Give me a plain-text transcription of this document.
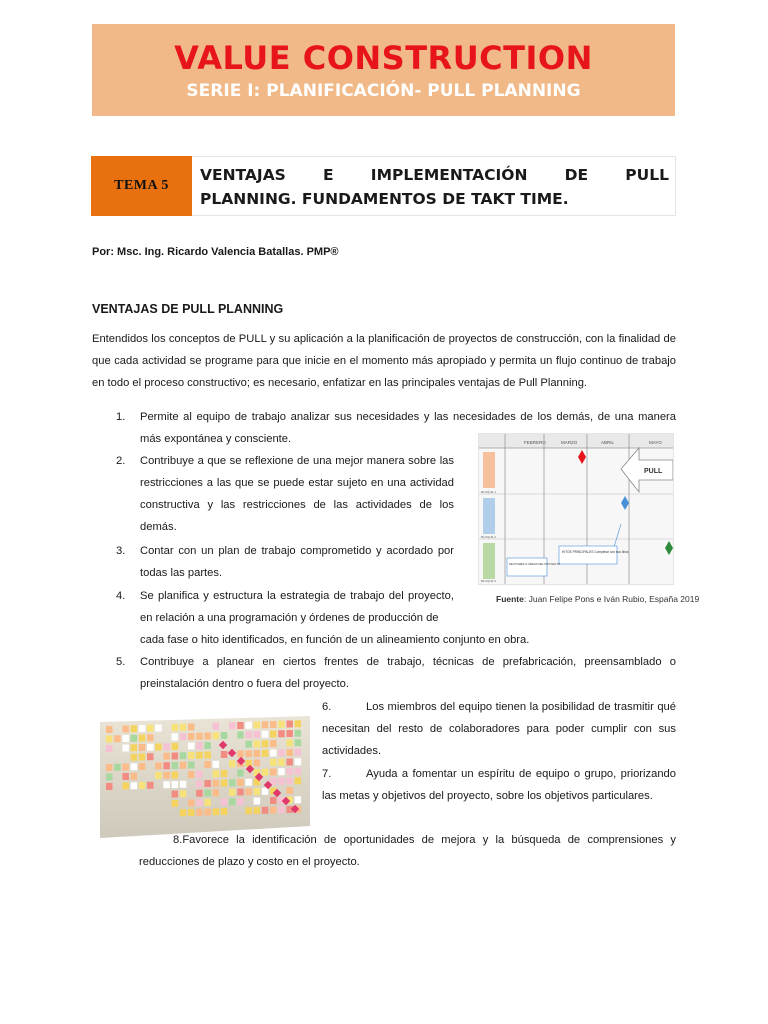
VALUE CONSTRUCTION
SERIE I: PLANIFICACIÓN- PULL PLANNING
TEMA 5
VENTAJAS E IMPLEMENTACIÓN DE PULL
PLANNING. FUNDAMENTOS DE TAKT TIME.
Por: Msc. Ing. Ricardo Valencia Batallas. PMP®
VENTAJAS DE PULL PLANNING
Entendidos los conceptos de PULL y su aplicación a la planificación de proyectos de construcción, con la finalidad de que cada actividad se programe para que inicie en el momento más apropiado y permita un flujo continuo de trabajo en todo el proceso constructivo; es necesario, enfatizar en las principales ventajas de Pull Planning.
1. Permite al equipo de trabajo analizar sus necesidades y las necesidades de los demás, de una manera más expontánea y consciente.
2. Contribuye a que se reflexione de una mejor manera sobre las restricciones a las que se puede estar sujeto en una actividad constructiva y las restricciones de las actividades de los demás.
3. Contar con un plan de trabajo comprometido y acordado por todas las partes.
4. Se planifica y estructura la estrategia de trabajo del proyecto, en relación a una programación y órdenes de producción de
cada fase o hito identificados, en función de un alineamiento conjunto en obra.
5. Contribuye a planear en ciertos frentes de trabajo, técnicas de prefabricación, preensamblado o preinstalación dentro o fuera del proyecto.
6.	Los miembros del equipo tienen la posibilidad de trasmitir qué necesitan del resto de colaboradores para poder cumplir con sus actividades.
7.	Ayuda a fomentar un espíritu de equipo o grupo, priorizando las metas y objetivos del proyecto, sobre los objetivos particulares.
8.Favorece la identificación de oportunidades de mejora y la búsqueda de comprensiones y reducciones de plazo y costo en el proyecto.
FEBRERO	MARZO	ABRIL	MAYO
BLOQUE 1
BLOQUE 2
BLOQUE 3
PULL
HITOS PRINCIPALES Completar con sus hitos
SECTORES O ÁREAS DEL PROYECTO
Fuente: Juan Felipe Pons e Iván Rubio, España 2019
